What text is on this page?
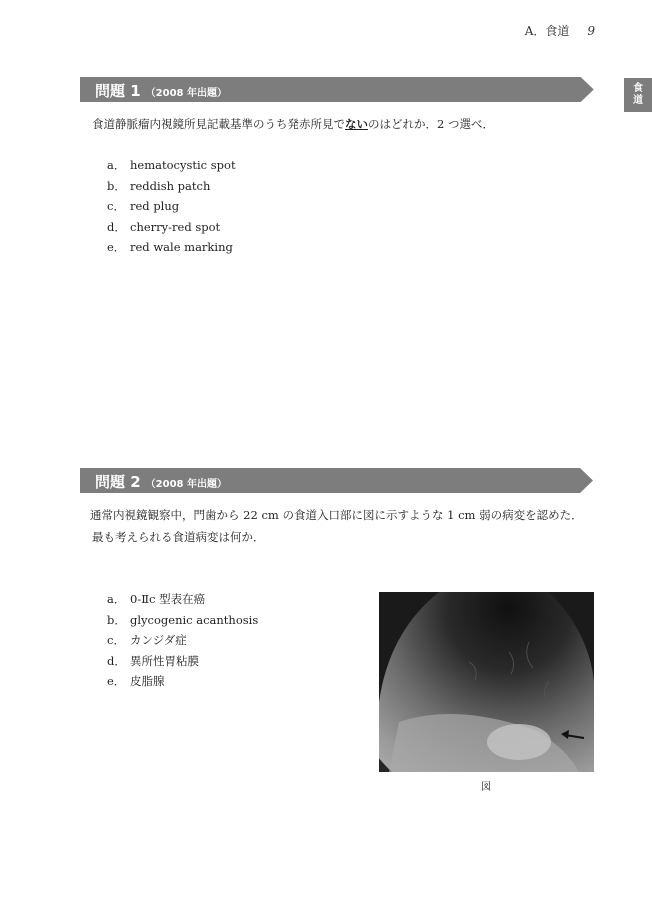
A．食道 9
食
道
問題 1 （2008 年出題）

食道静脈瘤内視鏡所見記載基準のうち発赤所見でないのはどれか．2 つ選べ．

a． hematocystic spot
b． reddish patch
c． red plug
d． cherry-red spot
e． red wale marking
問題 2 （2008 年出題）

通常内視鏡観察中，門歯から 22 cm の食道入口部に図に示すような 1 cm 弱の病変を認めた．

最も考えられる食道病変は何か．

a． 0-Ⅱc 型表在癌
b． glycogenic acanthosis
c． カンジダ症
d． 異所性胃粘膜
e． 皮脂腺
図
